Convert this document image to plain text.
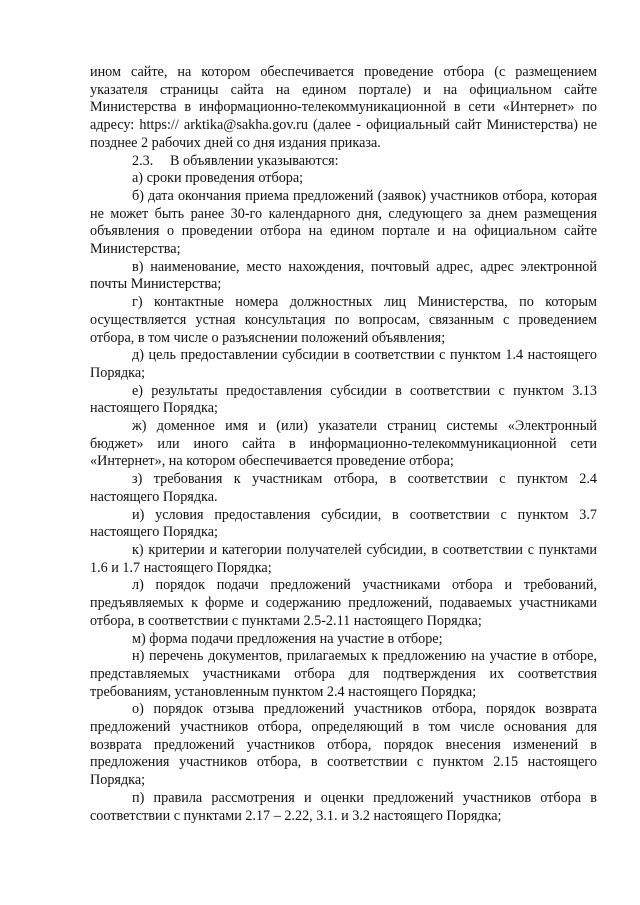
ином сайте, на котором обеспечивается проведение отбора (с размещением указателя страницы сайта на едином портале) и на официальном сайте Министерства в информационно-телекоммуникационной в сети «Интернет» по адресу: https:// arktika@sakha.gov.ru (далее - официальный сайт Министерства) не позднее 2 рабочих дней со дня издания приказа.

2.3. В объявлении указываются:

а) сроки проведения отбора;

б) дата окончания приема предложений (заявок) участников отбора, которая не может быть ранее 30-го календарного дня, следующего за днем размещения объявления о проведении отбора на едином портале и на официальном сайте Министерства;

в) наименование, место нахождения, почтовый адрес, адрес электронной почты Министерства;

г) контактные номера должностных лиц Министерства, по которым осуществляется устная консультация по вопросам, связанным с проведением отбора, в том числе о разъяснении положений объявления;

д) цель предоставлении субсидии в соответствии с пунктом 1.4 настоящего Порядка;

е) результаты предоставления субсидии в соответствии с пунктом 3.13 настоящего Порядка;

ж) доменное имя и (или) указатели страниц системы «Электронный бюджет» или иного сайта в информационно-телекоммуникационной сети «Интернет», на котором обеспечивается проведение отбора;

з) требования к участникам отбора, в соответствии с пунктом 2.4 настоящего Порядка.

и) условия предоставления субсидии, в соответствии с пунктом 3.7 настоящего Порядка;

к) критерии и категории получателей субсидии, в соответствии с пунктами 1.6 и 1.7 настоящего Порядка;

л) порядок подачи предложений участниками отбора и требований, предъявляемых к форме и содержанию предложений, подаваемых участниками отбора, в соответствии с пунктами 2.5-2.11 настоящего Порядка;

м) форма подачи предложения на участие в отборе;

н) перечень документов, прилагаемых к предложению на участие в отборе, представляемых участниками отбора для подтверждения их соответствия требованиям, установленным пунктом 2.4 настоящего Порядка;

о) порядок отзыва предложений участников отбора, порядок возврата предложений участников отбора, определяющий в том числе основания для возврата предложений участников отбора, порядок внесения изменений в предложения участников отбора, в соответствии с пунктом 2.15 настоящего Порядка;

п) правила рассмотрения и оценки предложений участников отбора в соответствии с пунктами 2.17 – 2.22, 3.1. и 3.2 настоящего Порядка;
